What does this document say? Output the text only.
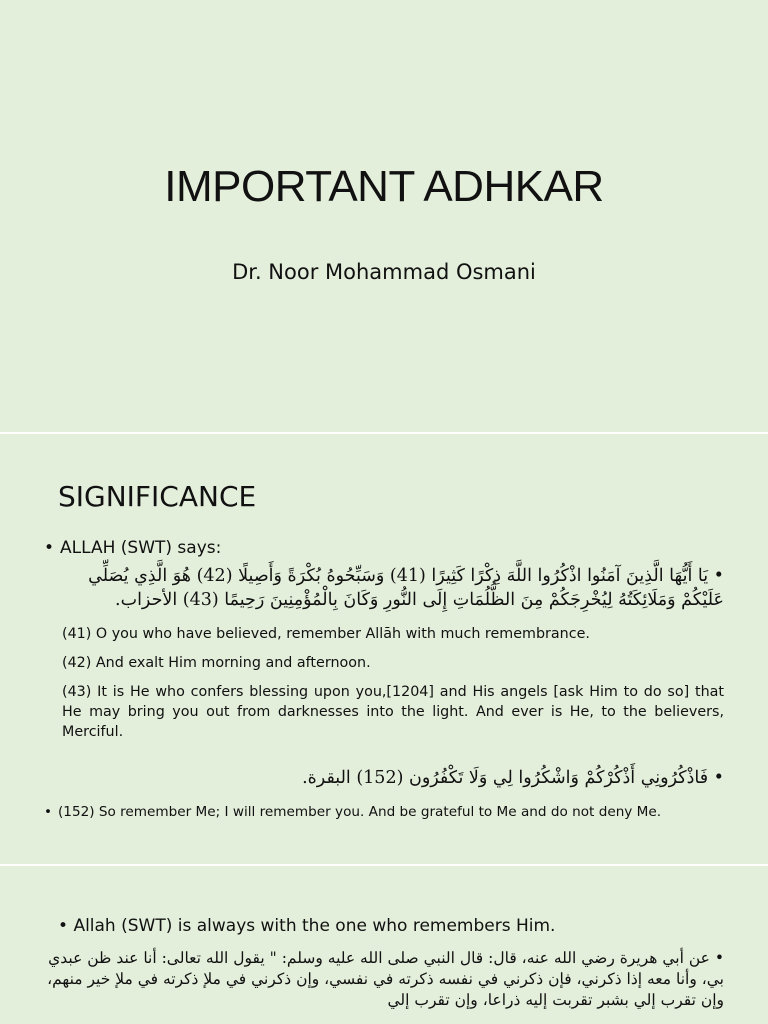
IMPORTANT ADHKAR
Dr. Noor Mohammad Osmani
SIGNIFICANCE
• ALLAH (SWT) says:
• يَا أَيُّهَا الَّذِينَ آمَنُوا اذْكُرُوا اللَّهَ ذِكْرًا كَثِيرًا (41) وَسَبِّحُوهُ بُكْرَةً وَأَصِيلًا (42) هُوَ الَّذِي يُصَلِّي عَلَيْكُمْ وَمَلَائِكَتُهُ لِيُخْرِجَكُمْ مِنَ الظُّلُمَاتِ إِلَى النُّورِ وَكَانَ بِالْمُؤْمِنِينَ رَحِيمًا (43) الأحزاب.
(41) O you who have believed, remember Allāh with much remembrance.
(42) And exalt Him morning and afternoon.
(43) It is He who confers blessing upon you,[1204] and His angels [ask Him to do so] that He may bring you out from darknesses into the light. And ever is He, to the believers, Merciful.
• فَاذْكُرُونِي أَذْكُرْكُمْ وَاشْكُرُوا لِي وَلَا تَكْفُرُون (152) البقرة.
• (152) So remember Me; I will remember you. And be grateful to Me and do not deny Me.
• Allah (SWT) is always with the one who remembers Him.
• عن أبي هريرة رضي الله عنه، قال: قال النبي صلى الله عليه وسلم: " يقول الله تعالى: أنا عند ظن عبدي بي، وأنا معه إذا ذكرني، فإن ذكرني في نفسه ذكرته في نفسي، وإن ذكرني في ملإ ذكرته في ملإ خير منهم، وإن تقرب إلي بشبر تقربت إليه ذراعا، وإن تقرب إلي
